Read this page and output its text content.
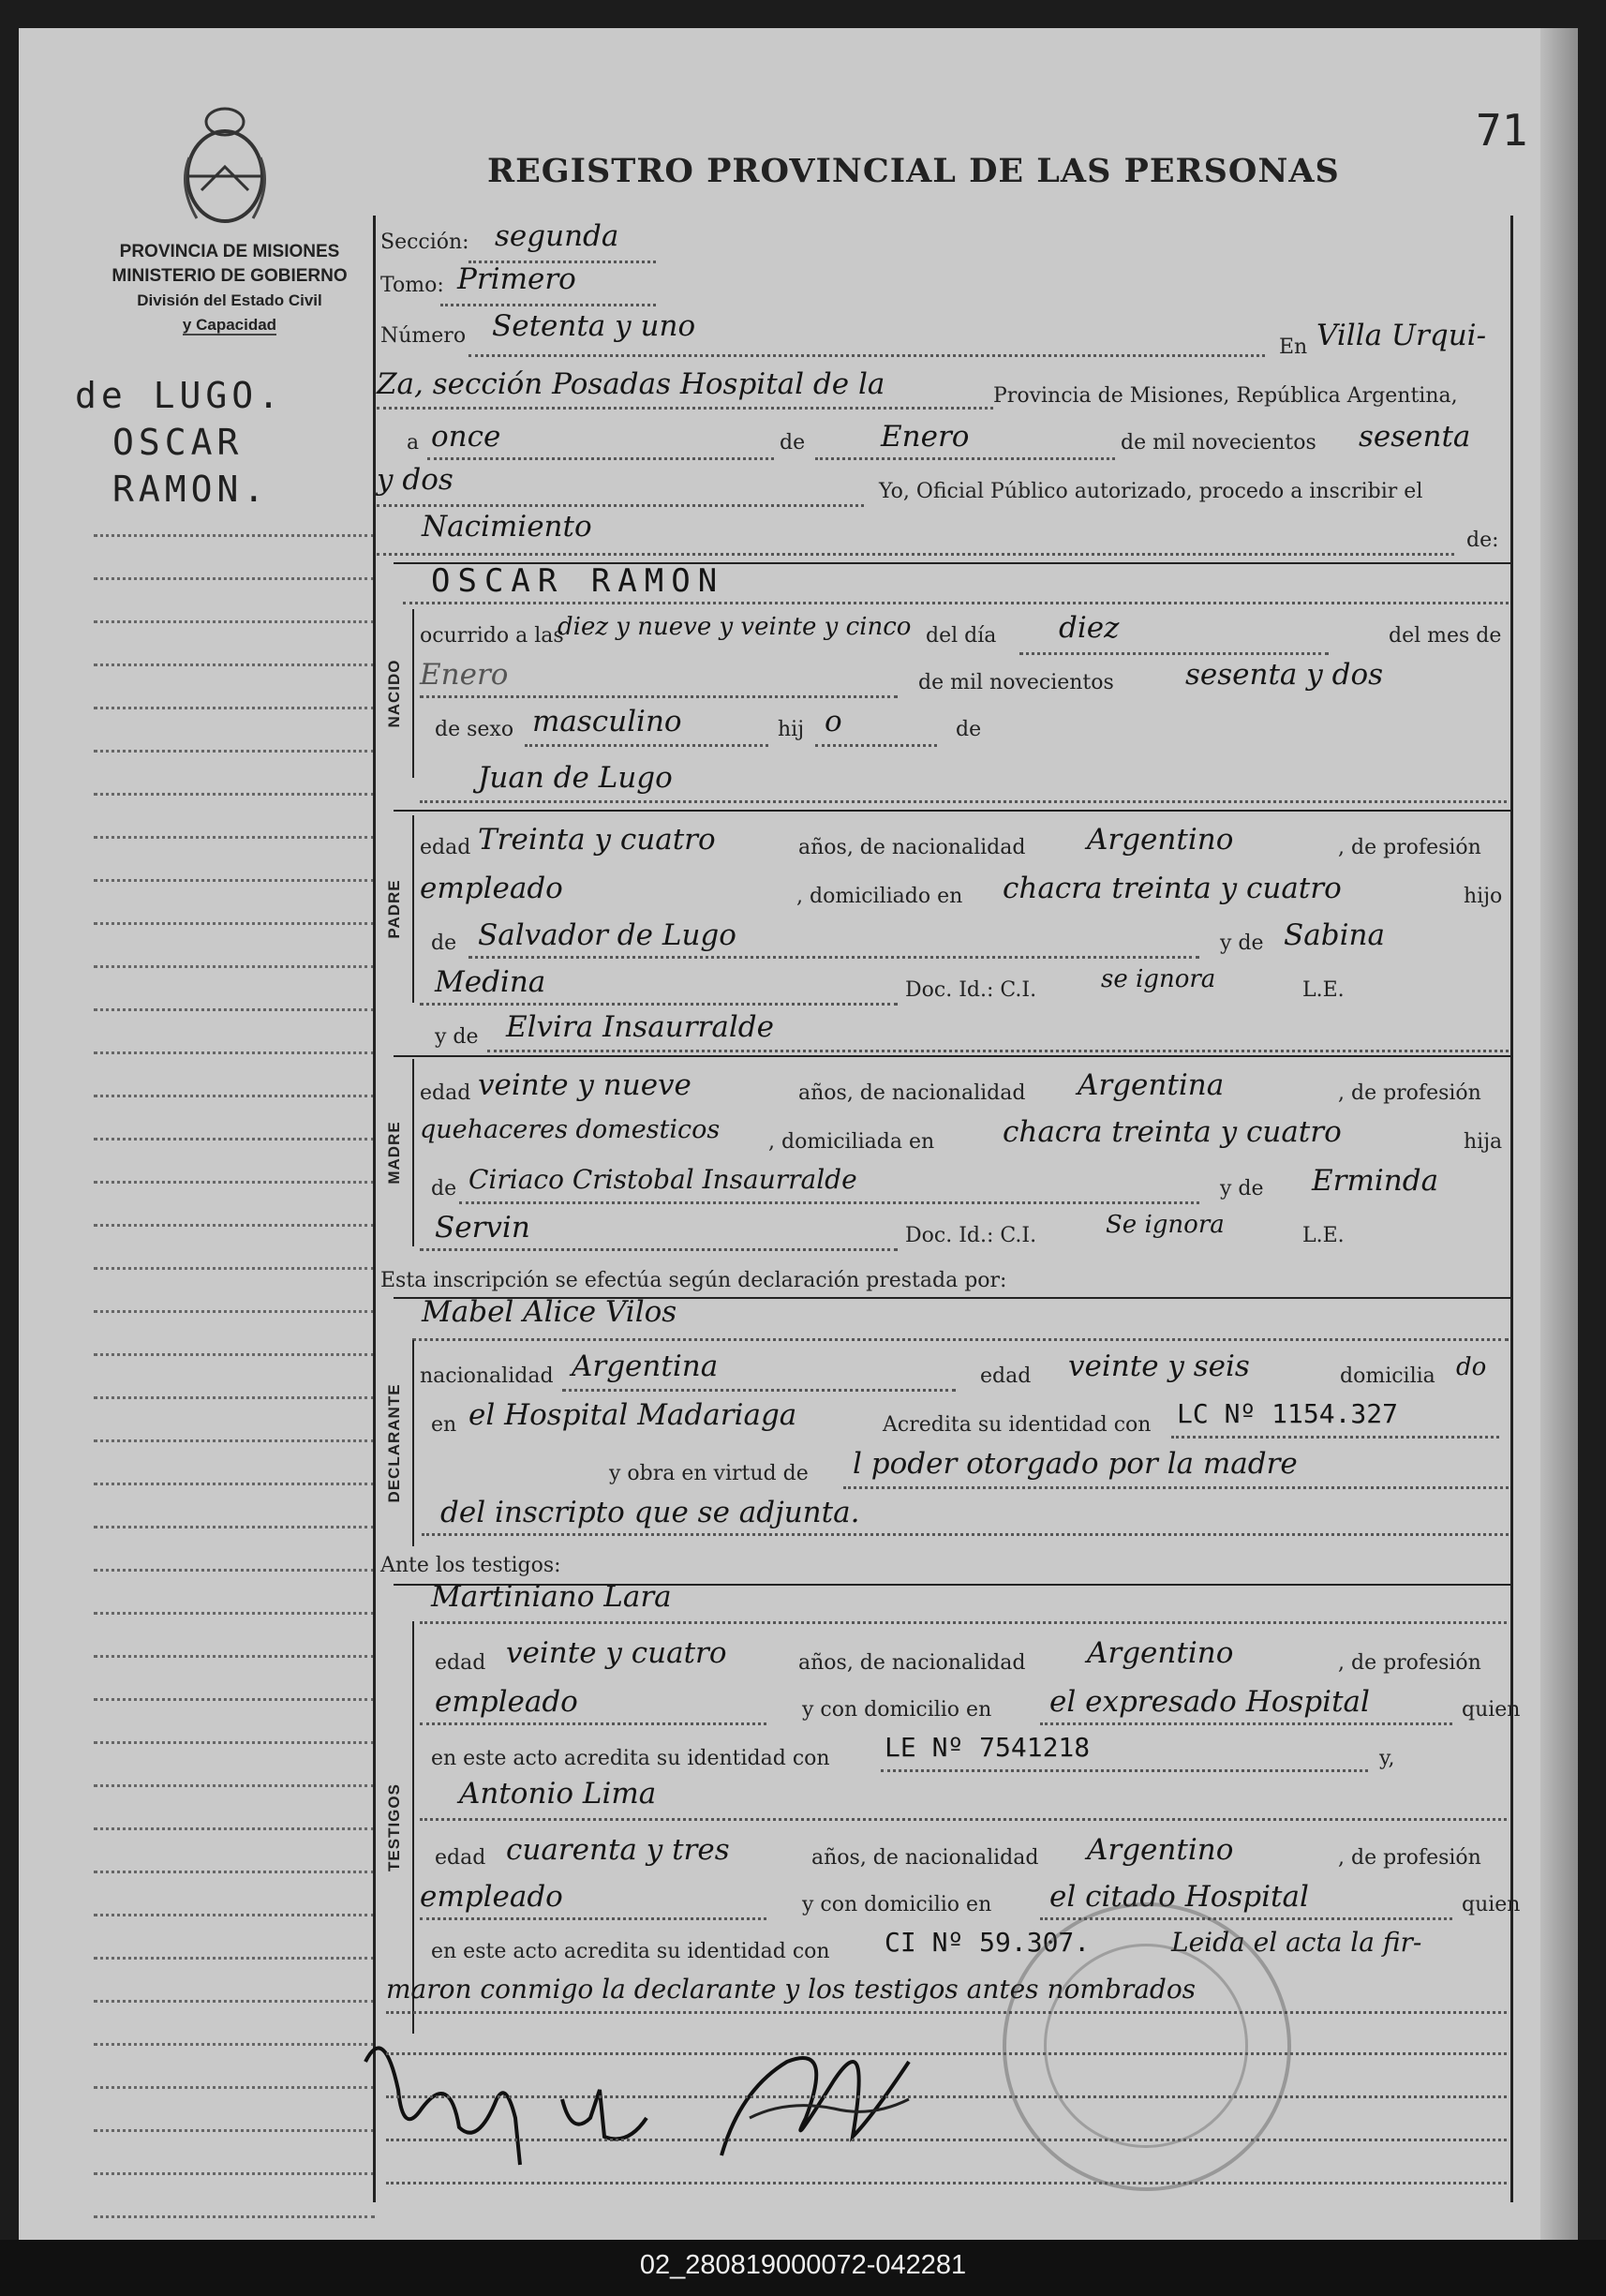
71
REGISTRO PROVINCIAL DE LAS PERSONAS
PROVINCIA DE MISIONES
MINISTERIO DE GOBIERNO
División del Estado Civil
y Capacidad
de LUGO.
OSCAR
RAMON.
Sección: segunda
Tomo: Primero
Número Setenta y uno
En Villa Urqui-
Za, sección Posadas Hospital de la	Provincia de Misiones, República Argentina,
a once	de	Enero	de mil novecientos sesenta
y dos	Yo, Oficial Público autorizado, procedo a inscribir el
Nacimiento	de:
OSCAR RAMON
NACIDO
ocurrido a las
diez y nueve y veinte y cinco del día diez	del mes de
Enero	de mil novecientos sesenta y dos
de sexo masculino	hij o	de
Juan de Lugo
PADRE
edad Treinta y cuatro	años, de nacionalidad Argentino	, de profesión
empleado	, domiciliado en chacra treinta y cuatro	hijo
de Salvador de Lugo	y de Sabina
Medina	Doc. Id.: C.I.	se ignora	L.E.
y de Elvira Insaurralde
MADRE
edad veinte y nueve	años, de nacionalidad Argentina	, de profesión
quehaceres domesticos , domiciliada en chacra treinta y cuatro	hija
de Ciriaco Cristobal Insaurralde	y de Erminda
Servin	Doc. Id.: C.I.	Se ignora	L.E.
Esta inscripción se efectúa según declaración prestada por:
Mabel Alice Vilos
DECLARANTE
nacionalidad Argentina	edad veinte y seis	domicilia do
en el Hospital Madariaga	Acredita su identidad con LC Nº 1154.327
y obra en virtud de l poder otorgado por la madre
del inscripto que se adjunta.
Ante los testigos:
Martiniano Lara
TESTIGOS
edad veinte y cuatro	años, de nacionalidad Argentino	, de profesión
empleado	y con domicilio en el expresado Hospital	quien
en este acto acredita su identidad con LE Nº 7541218	y,
Antonio Lima
edad cuarenta y tres	años, de nacionalidad Argentino	, de profesión
empleado	y con domicilio en el citado Hospital	quien
en este acto acredita su identidad con CI Nº 59.307.	Leida el acta la fir-
maron conmigo la declarante y los testigos antes nombrados
02_280819000072-042281
